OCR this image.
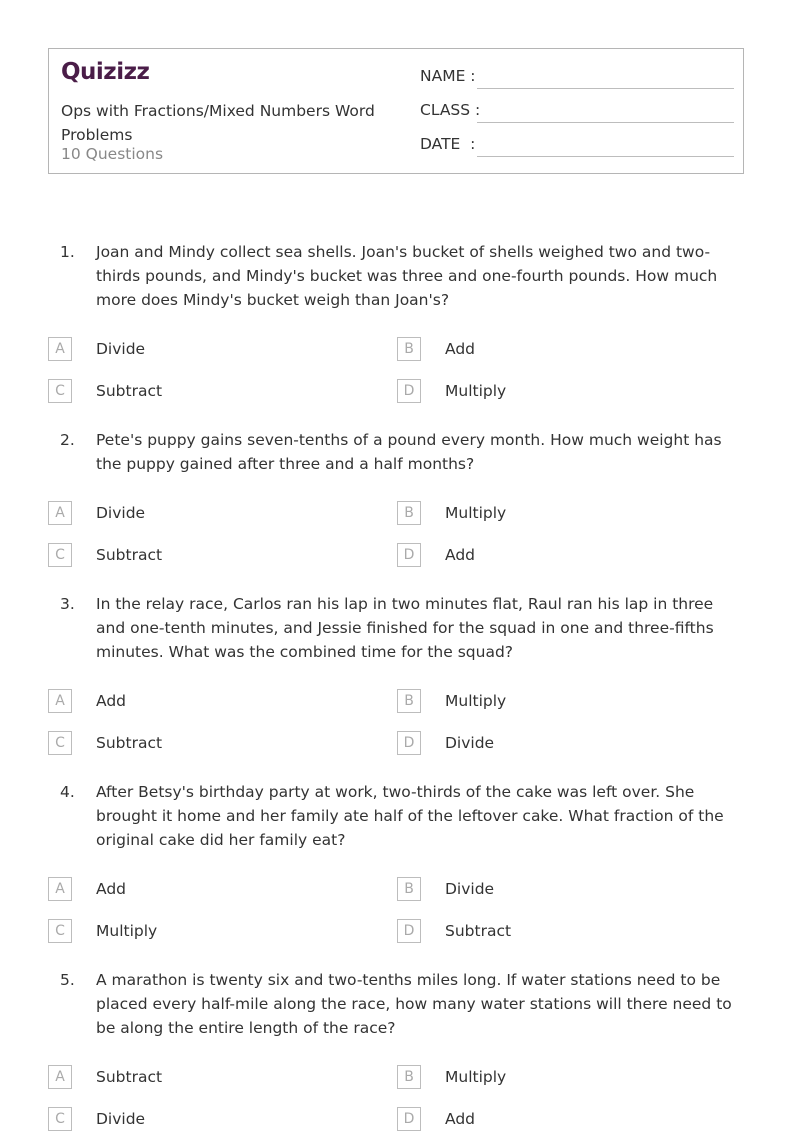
Quizizz
Ops with Fractions/Mixed Numbers Word Problems
10 Questions
NAME :
CLASS :
DATE  :
1. Joan and Mindy collect sea shells. Joan's bucket of shells weighed two and two-thirds pounds, and Mindy's bucket was three and one-fourth pounds. How much more does Mindy's bucket weigh than Joan's?
A	Divide	B	Add
C	Subtract	D	Multiply
2. Pete's puppy gains seven-tenths of a pound every month. How much weight has the puppy gained after three and a half months?
A	Divide	B	Multiply
C	Subtract	D	Add
3. In the relay race, Carlos ran his lap in two minutes flat, Raul ran his lap in three and one-tenth minutes, and Jessie finished for the squad in one and three-fifths minutes. What was the combined time for the squad?
A	Add	B	Multiply
C	Subtract	D	Divide
4. After Betsy's birthday party at work, two-thirds of the cake was left over. She brought it home and her family ate half of the leftover cake. What fraction of the original cake did her family eat?
A	Add	B	Divide
C	Multiply	D	Subtract
5. A marathon is twenty six and two-tenths miles long. If water stations need to be placed every half-mile along the race, how many water stations will there need to be along the entire length of the race?
A	Subtract	B	Multiply
C	Divide	D	Add
